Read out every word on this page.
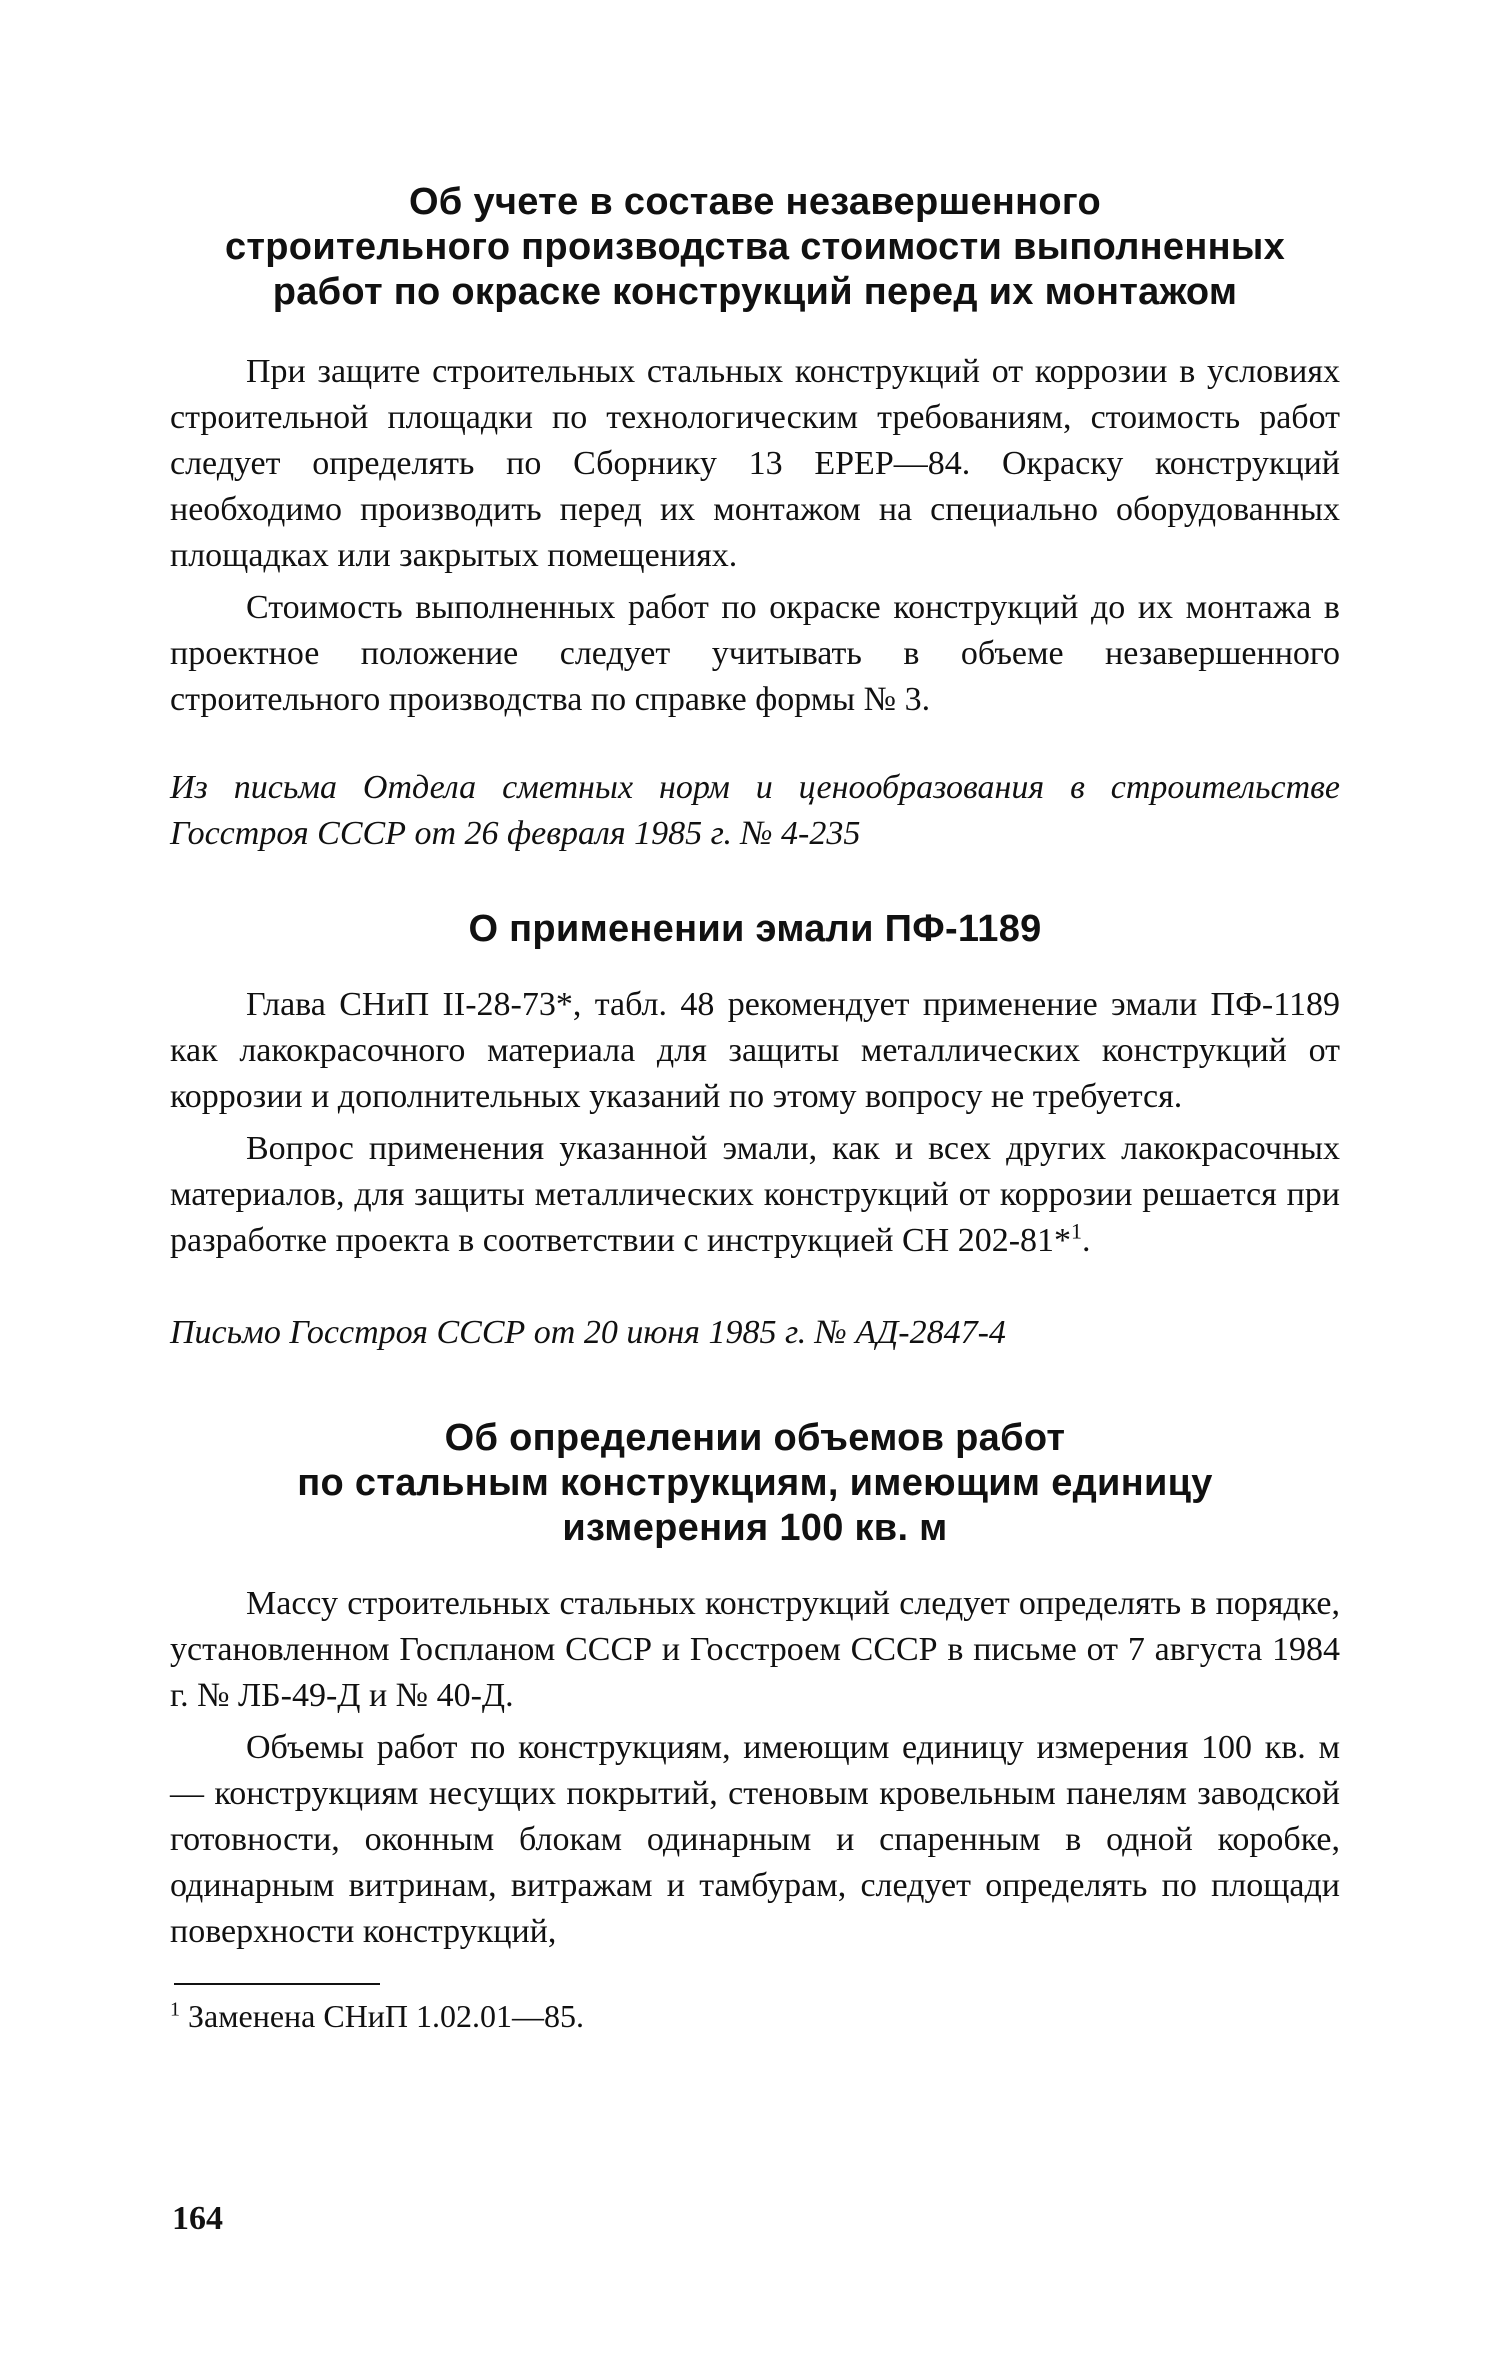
Об учете в составе незавершенного
строительного производства стоимости выполненных
работ по окраске конструкций перед их монтажом

При защите строительных стальных конструкций от коррозии в условиях строительной площадки по технологическим требованиям, стоимость работ следует определять по Сборнику 13 ЕРЕР—84. Окраску конструкций необходимо производить перед их монтажом на специально оборудованных площадках или закрытых помещениях.

Стоимость выполненных работ по окраске конструкций до их монтажа в проектное положение следует учитывать в объеме незавершенного строительного производства по справке формы № 3.

Из письма Отдела сметных норм и ценообразования в строительстве Госстроя СССР от 26 февраля 1985 г. № 4-235

О применении эмали ПФ-1189

Глава СНиП II-28-73*, табл. 48 рекомендует применение эмали ПФ-1189 как лакокрасочного материала для защиты металлических конструкций от коррозии и дополнительных указаний по этому вопросу не требуется.

Вопрос применения указанной эмали, как и всех других лакокрасочных материалов, для защиты металлических конструкций от коррозии решается при разработке проекта в соответствии с инструкцией СН 202-81*$^1$.

Письмо Госстроя СССР от 20 июня 1985 г. № АД-2847-4

Об определении объемов работ
по стальным конструкциям, имеющим единицу
измерения 100 кв. м

Массу строительных стальных конструкций следует определять в порядке, установленном Госпланом СССР и Госстроем СССР в письме от 7 августа 1984 г. № ЛБ-49-Д и № 40-Д.

Объемы работ по конструкциям, имеющим единицу измерения 100 кв. м — конструкциям несущих покрытий, стеновым кровельным панелям заводской готовности, оконным блокам одинарным и спаренным в одной коробке, одинарным витринам, витражам и тамбурам, следует определять по площади поверхности конструкций,

$^1$ Заменена СНиП 1.02.01—85.
164
